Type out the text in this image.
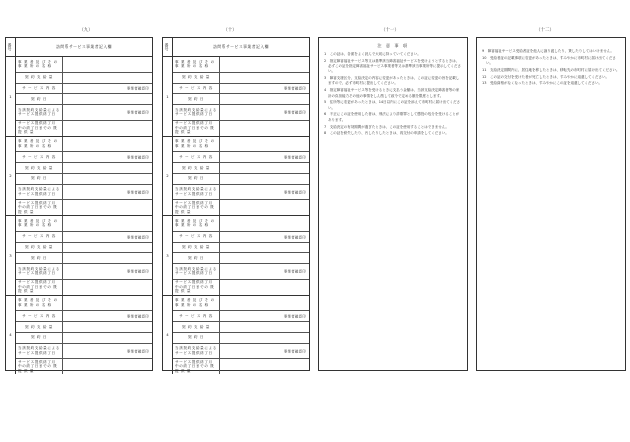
（九）	（十）	（十一）	（十二）
番号	訪問系サービス事業者記入欄
1
事 業 者 及 び そ の 事 業 所 の 名 称
契 約 支 給 量
サ ー ビ ス 内 容	事業者確認印
契 約 日
当該契約支給量による サービス提供終了日	事業者確認印
サービス提供終了月 中の終了日までの 既 提 供 量
2
事 業 者 及 び そ の 事 業 所 の 名 称
サ ー ビ ス 内 容	事業者確認印
契 約 支 給 量
契 約 日
当該契約支給量による サービス提供終了日	事業者確認印
サービス提供終了月 中の終了日までの 既 提 供 量
3
事 業 者 及 び そ の 事 業 所 の 名 称
サ ー ビ ス 内 容	事業者確認印
契 約 支 給 量
契 約 日
当該契約支給量による サービス提供終了日	事業者確認印
サービス提供終了月 中の終了日までの 既 提 供 量
4
事 業 者 及 び そ の 事 業 所 の 名 称
サ ー ビ ス 内 容	事業者確認印
契 約 支 給 量
契 約 日
当該契約支給量による サービス提供終了日	事業者確認印
サービス提供終了月 中の終了日までの 既 提 供 量
番号	訪問系サービス事業者記入欄
1
事 業 者 及 び そ の 事 業 所 の 名 称
契 約 支 給 量
サ ー ビ ス 内 容	事業者確認印
契 約 日
当該契約支給量による サービス提供終了日	事業者確認印
サービス提供終了月 中の終了日までの 既 提 供 量
2
事 業 者 及 び そ の 事 業 所 の 名 称
サ ー ビ ス 内 容	事業者確認印
契 約 支 給 量
契 約 日
当該契約支給量による サービス提供終了日	事業者確認印
サービス提供終了月 中の終了日までの 既 提 供 量
3
事 業 者 及 び そ の 事 業 所 の 名 称
サ ー ビ ス 内 容	事業者確認印
契 約 支 給 量
契 約 日
当該契約支給量による サービス提供終了日	事業者確認印
サービス提供終了月 中の終了日までの 既 提 供 量
4
事 業 者 及 び そ の 事 業 所 の 名 称
サ ー ビ ス 内 容	事業者確認印
契 約 支 給 量
契 約 日
当該契約支給量による サービス提供終了日	事業者確認印
サービス提供終了月 中の終了日までの 既 提 供 量
注 意 事 項

1　この証は、各面をよく読んで大切に持っていてください。

2　指定障害福祉サービス等又は基準該当障害福祉サービスを受けようとするときは、必ずこの証を指定障害福祉サービス事業者等又は基準該当事業所等に提示してください。

3　障害支援区分、支給決定の内容に変更があったときは、この証に変更の旨を記載しますので、必ず市町村に提出してください。

4　指定障害福祉サービス等を受けるときに支払う金額は、当該支給決定障害者等の家計の負担能力その他の事情をしん酌して政令で定める額を限度とします。

5　住所等に変更があったときは、14日以内にこの証を添えて市町村に届け出てください。

6　不正にこの証を使用した者は、刑法により詐欺罪として懲役の処分を受けることがあります。

7　支給決定の有効期間が過ぎたときは、この証を使用することはできません。

8　この証を紛失したり、汚したりしたときは、再交付の申請をしてください。

9　障害福祉サービス受給者証を他人に譲り渡したり、貸したりしてはいけません。

10　受給者証の記載事項に変更があったときは、すみやかに市町村に届け出てください。

11　支給決定期間内に、居住地を移したときは、移転先の市町村に届け出てください。

12　この証の交付を受けた者が死亡したときは、すみやかに返還してください。

13　受給資格がなくなったときは、すみやかにこの証を返還してください。
